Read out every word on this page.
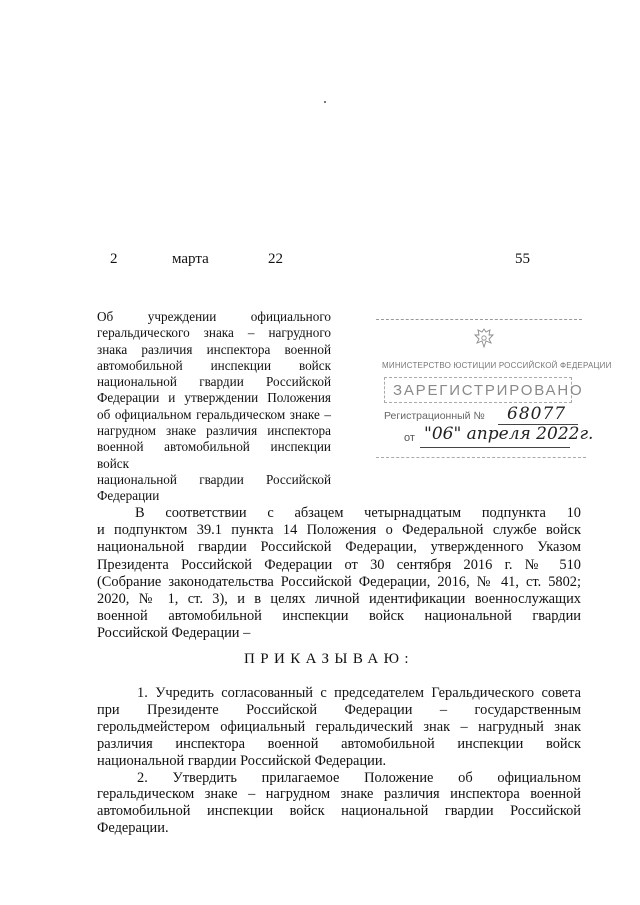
2	марта	22	55
Об учреждении официального
геральдического знака – нагрудного
знака различия инспектора военной
автомобильной инспекции войск
национальной гвардии Российской
Федерации и утверждении Положения
об официальном геральдическом знаке –
нагрудном знаке различия инспектора
военной автомобильной инспекции войск
национальной гвардии Российской
Федерации
МИНИСТЕРСТВО ЮСТИЦИИ РОССИЙСКОЙ ФЕДЕРАЦИИ
ЗАРЕГИСТРИРОВАНО
Регистрационный № 68077
от "06" апреля 2022г.
В соответствии с абзацем четырнадцатым подпункта 10
и подпунктом 39.1 пункта 14 Положения о Федеральной службе войск
национальной гвардии Российской Федерации, утвержденного Указом
Президента Российской Федерации от 30 сентября 2016 г. № 510
(Собрание законодательства Российской Федерации, 2016, № 41, ст. 5802;
2020, № 1, ст. 3), и в целях личной идентификации военнослужащих
военной автомобильной инспекции войск национальной гвардии
Российской Федерации –
ПРИКАЗЫВАЮ:
1. Учредить согласованный с председателем Геральдического совета
при Президенте Российской Федерации – государственным
герольдмейстером официальный геральдический знак – нагрудный знак
различия инспектора военной автомобильной инспекции войск
национальной гвардии Российской Федерации.
2. Утвердить прилагаемое Положение об официальном
геральдическом знаке – нагрудном знаке различия инспектора военной
автомобильной инспекции войск национальной гвардии Российской
Федерации.
